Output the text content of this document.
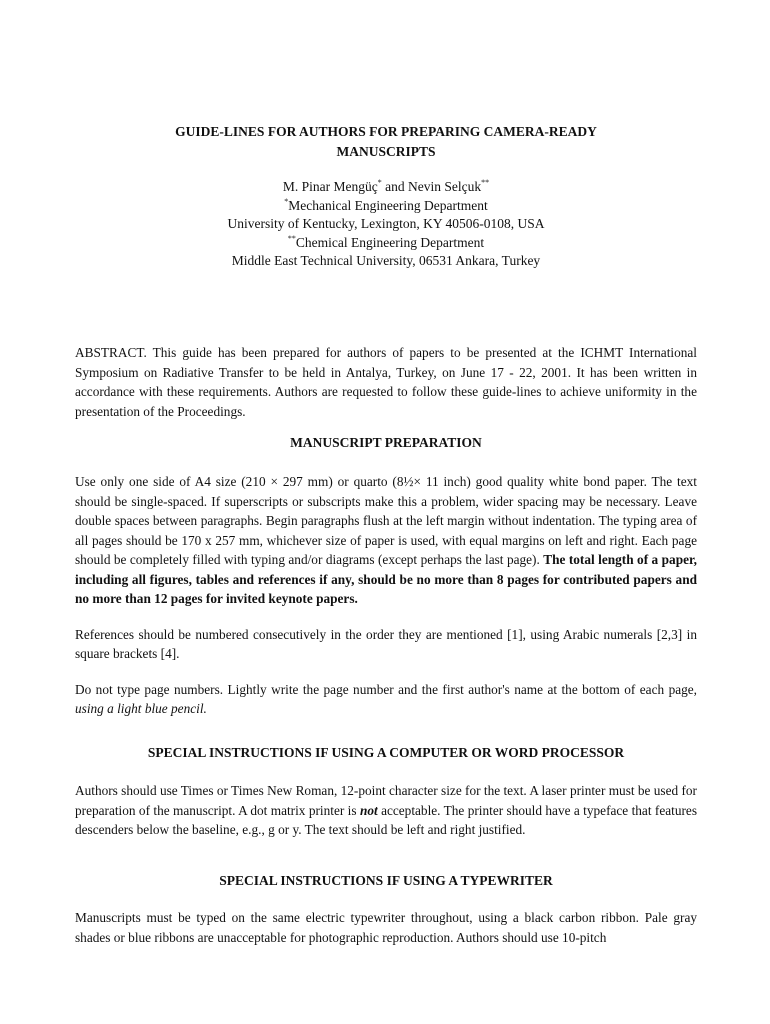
GUIDE-LINES FOR AUTHORS FOR PREPARING CAMERA-READY
MANUSCRIPTS
M. Pinar Mengüç* and Nevin Selçuk**
*Mechanical Engineering Department
University of Kentucky, Lexington, KY 40506-0108, USA
**Chemical Engineering Department
Middle East Technical University, 06531 Ankara, Turkey

ABSTRACT. This guide has been prepared for authors of papers to be presented at the ICHMT International Symposium on Radiative Transfer to be held in Antalya, Turkey, on June 17 - 22, 2001. It has been written in accordance with these requirements. Authors are requested to follow these guide-lines to achieve uniformity in the presentation of the Proceedings.

MANUSCRIPT PREPARATION

Use only one side of A4 size (210 × 297 mm) or quarto (8½× 11 inch) good quality white bond paper. The text should be single-spaced. If superscripts or subscripts make this a problem, wider spacing may be necessary. Leave double spaces between paragraphs. Begin paragraphs flush at the left margin without indentation. The typing area of all pages should be 170 x 257 mm, whichever size of paper is used, with equal margins on left and right. Each page should be completely filled with typing and/or diagrams (except perhaps the last page). The total length of a paper, including all figures, tables and references if any, should be no more than 8 pages for contributed papers and no more than 12 pages for invited keynote papers.

References should be numbered consecutively in the order they are mentioned [1], using Arabic numerals [2,3] in square brackets [4].

Do not type page numbers. Lightly write the page number and the first author's name at the bottom of each page, using a light blue pencil.

SPECIAL INSTRUCTIONS IF USING A COMPUTER OR WORD PROCESSOR

Authors should use Times or Times New Roman, 12-point character size for the text. A laser printer must be used for preparation of the manuscript. A dot matrix printer is not acceptable. The printer should have a typeface that features descenders below the baseline, e.g., g or y. The text should be left and right justified.

SPECIAL INSTRUCTIONS IF USING A TYPEWRITER

Manuscripts must be typed on the same electric typewriter throughout, using a black carbon ribbon. Pale gray shades or blue ribbons are unacceptable for photographic reproduction. Authors should use 10-pitch
